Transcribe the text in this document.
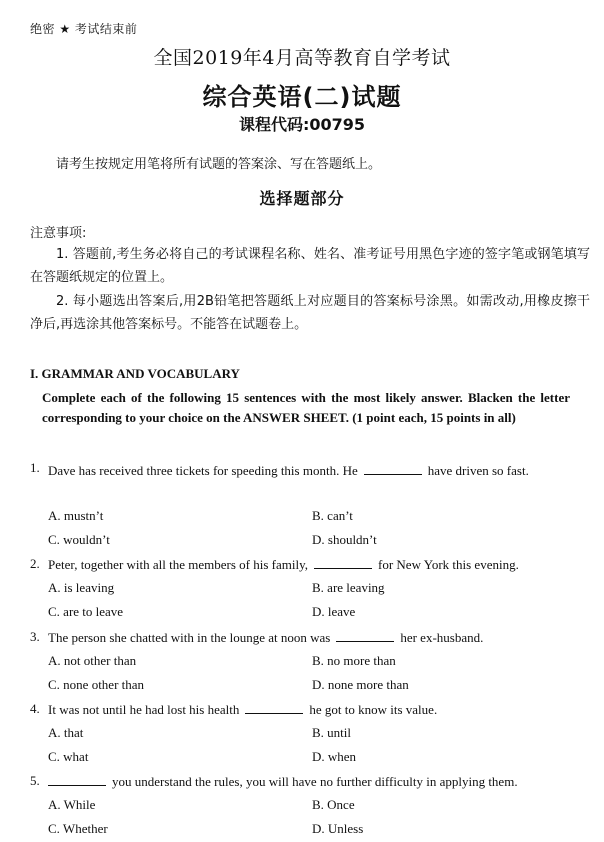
绝密 ★ 考试结束前
全国2019年4月高等教育自学考试
综合英语(二)试题
课程代码:00795
请考生按规定用笔将所有试题的答案涂、写在答题纸上。
选择题部分
注意事项:
1. 答题前,考生务必将自己的考试课程名称、姓名、准考证号用黑色字迹的签字笔或钢笔填写在答题纸规定的位置上。
2. 每小题选出答案后,用2B铅笔把答题纸上对应题目的答案标号涂黑。如需改动,用橡皮擦干净后,再选涂其他答案标号。不能答在试题卷上。
I. GRAMMAR AND VOCABULARY
Complete each of the following 15 sentences with the most likely answer. Blacken the letter corresponding to your choice on the ANSWER SHEET. (1 point each, 15 points in all)
1. Dave has received three tickets for speeding this month. He	have driven so fast.
A. mustn’t	B. can’t
C. wouldn’t	D. shouldn’t
2. Peter, together with all the members of his family,	for New York this evening.
A. is leaving	B. are leaving
C. are to leave	D. leave
3. The person she chatted with in the lounge at noon was	her ex-husband.
A. not other than	B. no more than
C. none other than	D. none more than
4. It was not until he had lost his health	he got to know its value.
A. that	B. until
C. what	D. when
5.	you understand the rules, you will have no further difficulty in applying them.
A. While	B. Once
C. Whether	D. Unless
